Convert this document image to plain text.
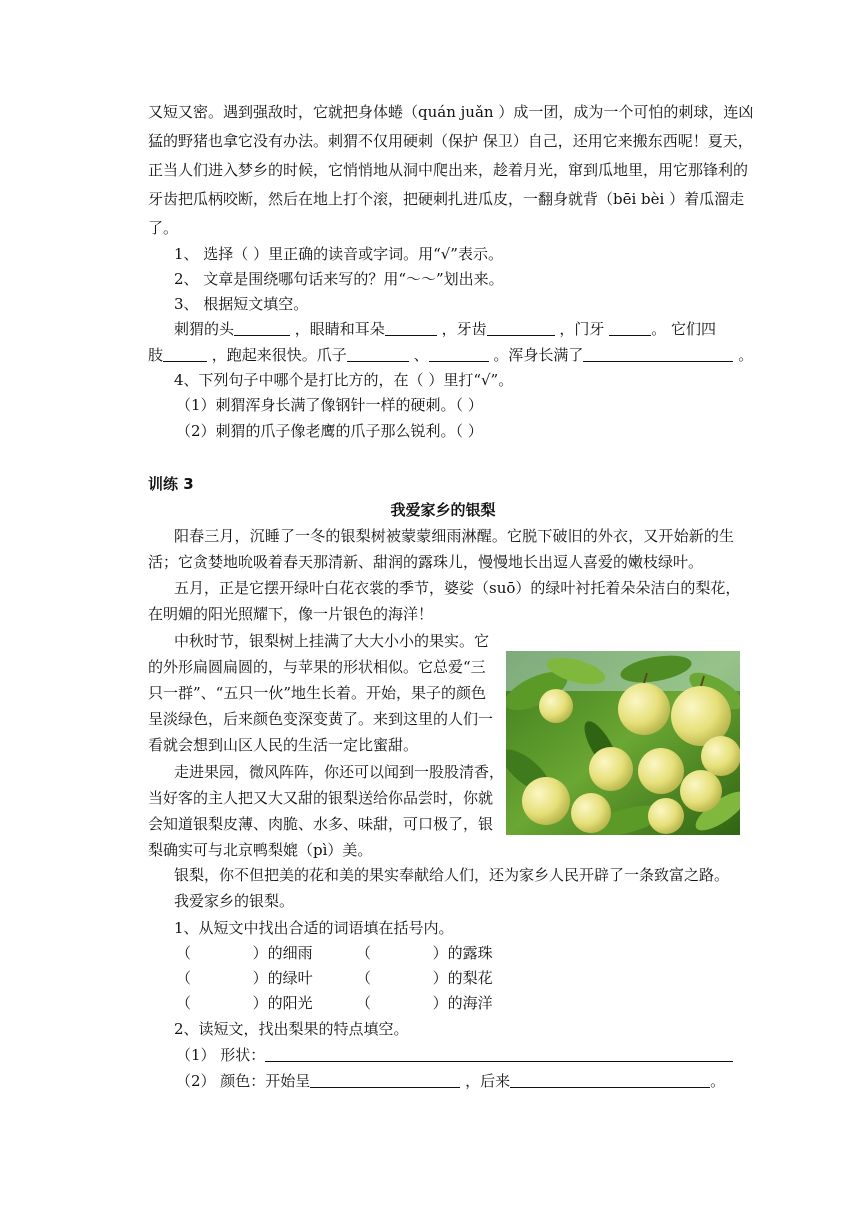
又短又密。遇到强敌时，它就把身体蜷（quán juǎn ）成一团，成为一个可怕的刺球，连凶
猛的野猪也拿它没有办法。刺猬不仅用硬刺（保护 保卫）自己，还用它来搬东西呢！夏天，
正当人们进入梦乡的时候，它悄悄地从洞中爬出来，趁着月光，窜到瓜地里，用它那锋利的
牙齿把瓜柄咬断，然后在地上打个滚，把硬刺扎进瓜皮，一翻身就背（bēi bèi ）着瓜溜走
了。
1、 选择（ ）里正确的读音或字词。用“√”表示。
2、 文章是围绕哪句话来写的？用“～～”划出来。
3、 根据短文填空。
刺猬的头	，眼睛和耳朵	，牙齿	，门牙	。 它们四
肢	，跑起来很快。爪子	、	。浑身长满了	。
4、下列句子中哪个是打比方的，在（ ）里打“√”。
（1）刺猬浑身长满了像钢针一样的硬刺。（ ）
（2）刺猬的爪子像老鹰的爪子那么锐利。（ ）
训练 3
我爱家乡的银梨
阳春三月，沉睡了一冬的银梨树被蒙蒙细雨淋醒。它脱下破旧的外衣，又开始新的生
活；它贪婪地吮吸着春天那清新、甜润的露珠儿，慢慢地长出逗人喜爱的嫩枝绿叶。
五月，正是它摆开绿叶白花衣裳的季节，婆娑（suō）的绿叶衬托着朵朵洁白的梨花，
在明媚的阳光照耀下，像一片银色的海洋！
中秋时节，银梨树上挂满了大大小小的果实。它
的外形扁圆扁圆的，与苹果的形状相似。它总爱“三
只一群”、“五只一伙”地生长着。开始，果子的颜色
呈淡绿色，后来颜色变深变黄了。来到这里的人们一
看就会想到山区人民的生活一定比蜜甜。
走进果园，微风阵阵，你还可以闻到一股股清香，
当好客的主人把又大又甜的银梨送给你品尝时，你就
会知道银梨皮薄、肉脆、水多、味甜，可口极了，银
梨确实可与北京鸭梨媲（pì）美。
银梨，你不但把美的花和美的果实奉献给人们，还为家乡人民开辟了一条致富之路。
我爱家乡的银梨。
1、从短文中找出合适的词语填在括号内。
（	）的细雨	（	）的露珠
（	）的绿叶	（	）的梨花
（	）的阳光	（	）的海洋
2、读短文，找出梨果的特点填空。
（1） 形状：
（2） 颜色：开始呈	，后来	。
